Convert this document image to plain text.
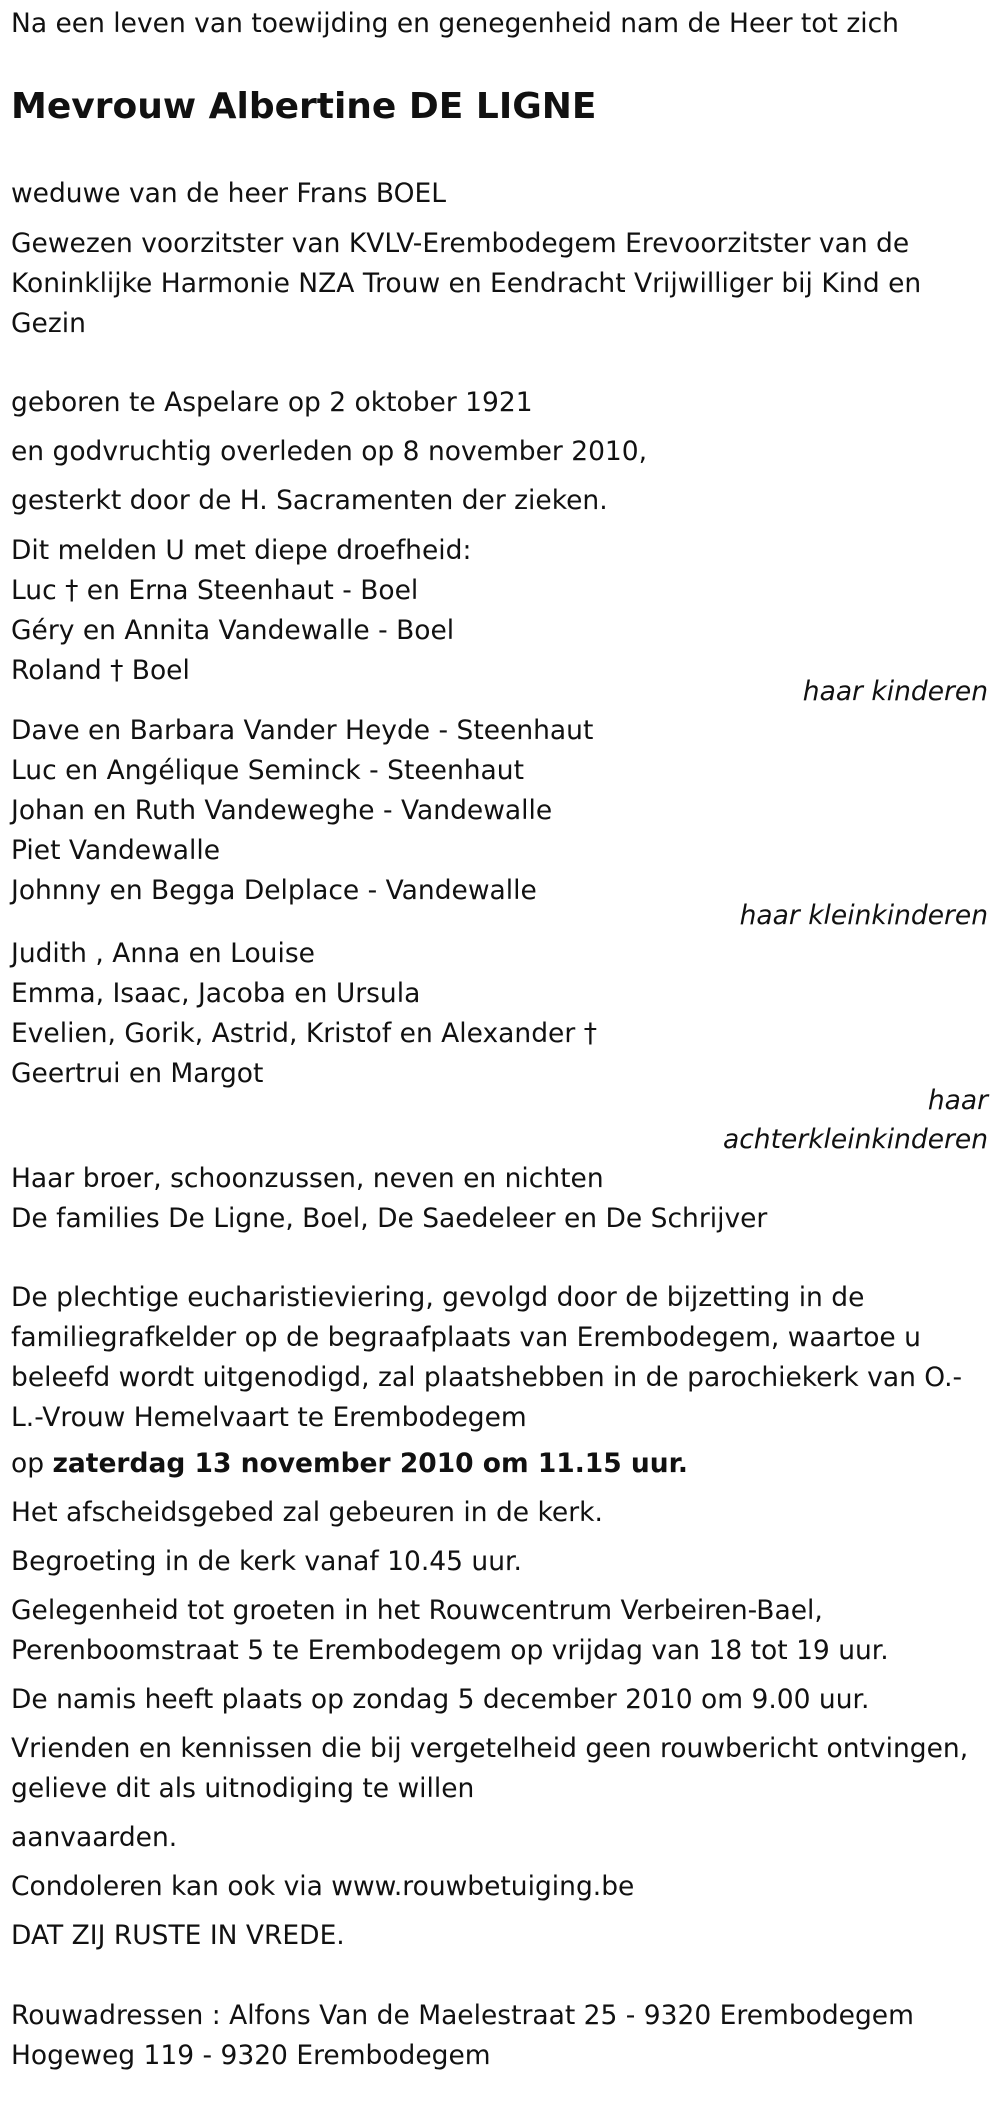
Na een leven van toewijding en genegenheid nam de Heer tot zich
Mevrouw Albertine DE LIGNE
weduwe van de heer Frans BOEL
Gewezen voorzitster van KVLV-Erembodegem Erevoorzitster van de Koninklijke Harmonie NZA Trouw en Eendracht Vrijwilliger bij Kind en Gezin
geboren te Aspelare op 2 oktober 1921
en godvruchtig overleden op 8 november 2010,
gesterkt door de H. Sacramenten der zieken.
Dit melden U met diepe droefheid:
Luc † en Erna Steenhaut - Boel
Géry en Annita Vandewalle - Boel
Roland † Boel
haar kinderen
Dave en Barbara Vander Heyde - Steenhaut
Luc en Angélique Seminck - Steenhaut
Johan en Ruth Vandeweghe - Vandewalle
Piet Vandewalle
Johnny en Begga Delplace - Vandewalle
haar kleinkinderen
Judith , Anna en Louise
Emma, Isaac, Jacoba en Ursula
Evelien, Gorik, Astrid, Kristof en Alexander †
Geertrui en Margot
haar
achterkleinkinderen
Haar broer, schoonzussen, neven en nichten
De families De Ligne, Boel, De Saedeleer en De Schrijver
De plechtige eucharistieviering, gevolgd door de bijzetting in de familiegrafkelder op de begraafplaats van Erembodegem, waartoe u beleefd wordt uitgenodigd, zal plaatshebben in de parochiekerk van O.-L.-Vrouw Hemelvaart te Erembodegem
op zaterdag 13 november 2010 om 11.15 uur.
Het afscheidsgebed zal gebeuren in de kerk.
Begroeting in de kerk vanaf 10.45 uur.
Gelegenheid tot groeten in het Rouwcentrum Verbeiren-Bael,
Perenboomstraat 5 te Erembodegem op vrijdag van 18 tot 19 uur.
De namis heeft plaats op zondag 5 december 2010 om 9.00 uur.
Vrienden en kennissen die bij vergetelheid geen rouwbericht ontvingen,
gelieve dit als uitnodiging te willen
aanvaarden.
Condoleren kan ook via www.rouwbetuiging.be
DAT ZIJ RUSTE IN VREDE.
Rouwadressen : Alfons Van de Maelestraat 25 - 9320 Erembodegem
Hogeweg 119 - 9320 Erembodegem
